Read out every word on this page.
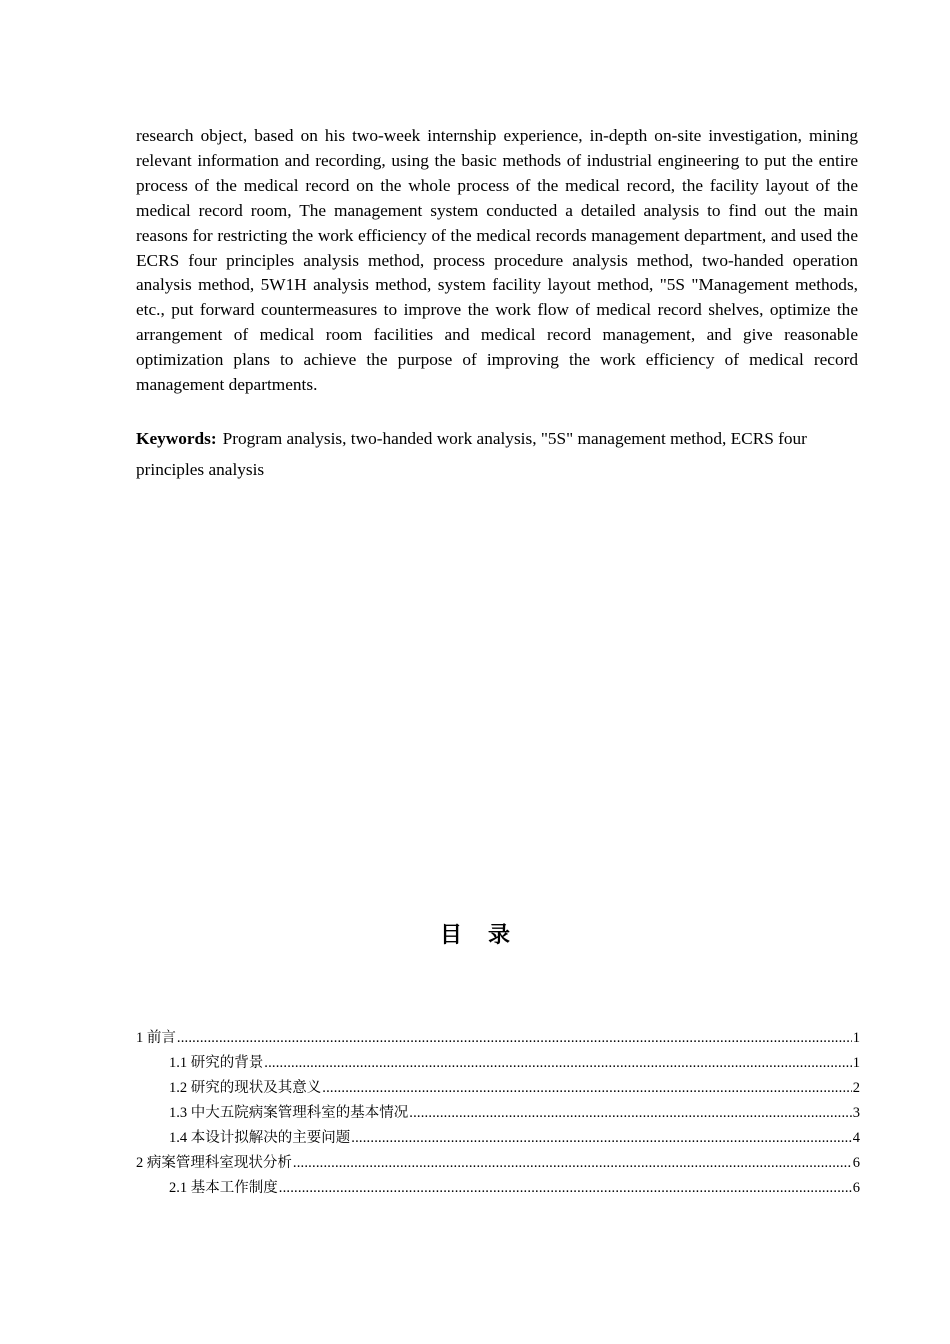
research object, based on his two-week internship experience, in-depth on-site investigation, mining relevant information and recording, using the basic methods of industrial engineering to put the entire process of the medical record on the whole process of the medical record, the facility layout of the medical record room, The management system conducted a detailed analysis to find out the main reasons for restricting the work efficiency of the medical records management department, and used the ECRS four principles analysis method, process procedure analysis method, two-handed operation analysis method, 5W1H analysis method, system facility layout method, "5S "Management methods, etc., put forward countermeasures to improve the work flow of medical record shelves, optimize the arrangement of medical room facilities and medical record management, and give reasonable optimization plans to achieve the purpose of improving the work efficiency of medical record management departments.

Keywords: Program analysis, two-handed work analysis, "5S" management method, ECRS four principles analysis

目录
1 前言 .....	1
1.1 研究的背景 .....	1
1.2 研究的现状及其意义 .....	2
1.3 中大五院病案管理科室的基本情况 .....	3
1.4 本设计拟解决的主要问题 .....	4
2 病案管理科室现状分析 .....	6
2.1 基本工作制度 .....	6
